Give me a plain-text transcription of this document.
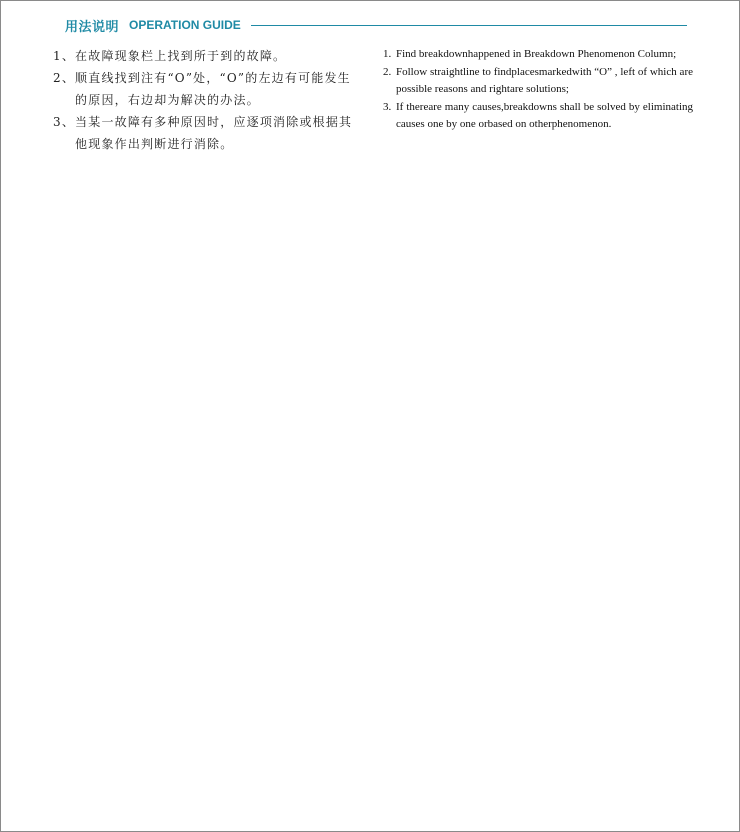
用法说明 OPERATION GUIDE
1、 在故障现象栏上找到所于到的故障。
2、 顺直线找到注有“O”处，“O”的左边有可能发生的原因，右边却为解决的办法。
3、 当某一故障有多种原因时，应逐项消除或根据其他现象作出判断进行消除。
1. Find breakdownhappened in Breakdown Phenomenon Column;
2. Follow straightline to findplacesmarkedwith “O” , left of which are possible reasons and rightare solutions;
3. If thereare many causes,breakdowns shall be solved by eliminating causes one by one orbased on otherphenomenon.
